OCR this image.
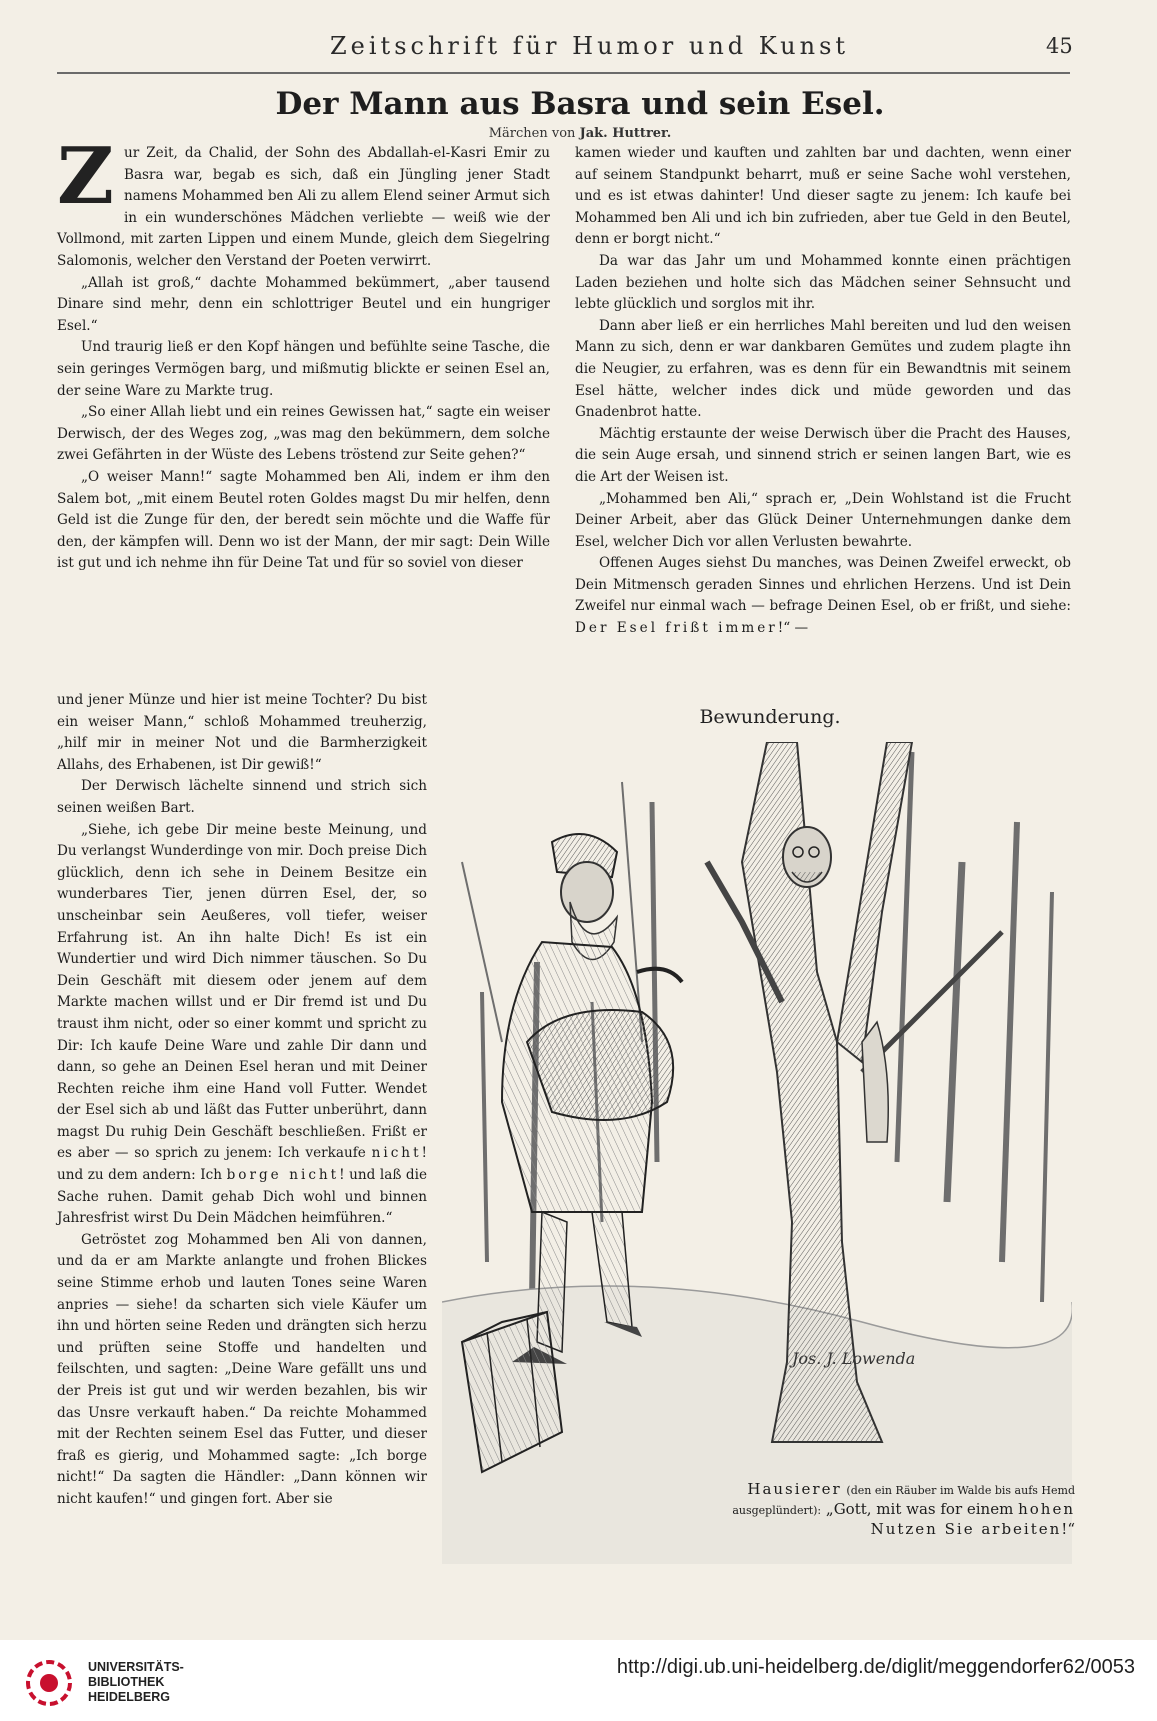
Zeitschrift für Humor und Kunst	45
Der Mann aus Basra und sein Esel.
Märchen von Jak. Huttrer.

Zur Zeit, da Chalid, der Sohn des Abdallah-el-Kasri Emir zu Basra war, begab es sich, daß ein Jüngling jener Stadt namens Mohammed ben Ali zu allem Elend seiner Armut sich in ein wunderschönes Mädchen verliebte — weiß wie der Vollmond, mit zarten Lippen und einem Munde, gleich dem Siegelring Salomonis, welcher den Verstand der Poeten verwirrt.

„Allah ist groß,“ dachte Mohammed bekümmert, „aber tausend Dinare sind mehr, denn ein schlottriger Beutel und ein hungriger Esel.“

Und traurig ließ er den Kopf hängen und befühlte seine Tasche, die sein geringes Vermögen barg, und mißmutig blickte er seinen Esel an, der seine Ware zu Markte trug.

„So einer Allah liebt und ein reines Gewissen hat,“ sagte ein weiser Derwisch, der des Weges zog, „was mag den bekümmern, dem solche zwei Gefährten in der Wüste des Lebens tröstend zur Seite gehen?“

„O weiser Mann!“ sagte Mohammed ben Ali, indem er ihm den Salem bot, „mit einem Beutel roten Goldes magst Du mir helfen, denn Geld ist die Zunge für den, der beredt sein möchte und die Waffe für den, der kämpfen will. Denn wo ist der Mann, der mir sagt: Dein Wille ist gut und ich nehme ihn für Deine Tat und für so soviel von dieser

und jener Münze und hier ist meine Tochter? Du bist ein weiser Mann,“ schloß Mohammed treuherzig, „hilf mir in meiner Not und die Barmherzigkeit Allahs, des Erhabenen, ist Dir gewiß!“

Der Derwisch lächelte sinnend und strich sich seinen weißen Bart.

„Siehe, ich gebe Dir meine beste Meinung, und Du verlangst Wunderdinge von mir. Doch preise Dich glücklich, denn ich sehe in Deinem Besitze ein wunderbares Tier, jenen dürren Esel, der, so unscheinbar sein Aeußeres, voll tiefer, weiser Erfahrung ist. An ihn halte Dich! Es ist ein Wundertier und wird Dich nimmer täuschen. So Du Dein Geschäft mit diesem oder jenem auf dem Markte machen willst und er Dir fremd ist und Du traust ihm nicht, oder so einer kommt und spricht zu Dir: Ich kaufe Deine Ware und zahle Dir dann und dann, so gehe an Deinen Esel heran und mit Deiner Rechten reiche ihm eine Hand voll Futter. Wendet der Esel sich ab und läßt das Futter unberührt, dann magst Du ruhig Dein Geschäft beschließen. Frißt er es aber — so sprich zu jenem: Ich verkaufe nicht! und zu dem andern: Ich borge nicht! und laß die Sache ruhen. Damit gehab Dich wohl und binnen Jahresfrist wirst Du Dein Mädchen heimführen.“

Getröstet zog Mohammed ben Ali von dannen, und da er am Markte anlangte und frohen Blickes seine Stimme erhob und lauten Tones seine Waren anpries — siehe! da scharten sich viele Käufer um ihn und hörten seine Reden und drängten sich herzu und prüften seine Stoffe und handelten und feilschten, und sagten: „Deine Ware gefällt uns und der Preis ist gut und wir werden bezahlen, bis wir das Unsre verkauft haben.“ Da reichte Mohammed mit der Rechten seinem Esel das Futter, und dieser fraß es gierig, und Mohammed sagte: „Ich borge nicht!“ Da sagten die Händler: „Dann können wir nicht kaufen!“ und gingen fort. Aber sie

kamen wieder und kauften und zahlten bar und dachten, wenn einer auf seinem Standpunkt beharrt, muß er seine Sache wohl verstehen, und es ist etwas dahinter! Und dieser sagte zu jenem: Ich kaufe bei Mohammed ben Ali und ich bin zufrieden, aber tue Geld in den Beutel, denn er borgt nicht.“

Da war das Jahr um und Mohammed konnte einen prächtigen Laden beziehen und holte sich das Mädchen seiner Sehnsucht und lebte glücklich und sorglos mit ihr.

Dann aber ließ er ein herrliches Mahl bereiten und lud den weisen Mann zu sich, denn er war dankbaren Gemütes und zudem plagte ihn die Neugier, zu erfahren, was es denn für ein Bewandtnis mit seinem Esel hätte, welcher indes dick und müde geworden und das Gnadenbrot hatte.

Mächtig erstaunte der weise Derwisch über die Pracht des Hauses, die sein Auge ersah, und sinnend strich er seinen langen Bart, wie es die Art der Weisen ist.

„Mohammed ben Ali,“ sprach er, „Dein Wohlstand ist die Frucht Deiner Arbeit, aber das Glück Deiner Unternehmungen danke dem Esel, welcher Dich vor allen Verlusten bewahrte.

Offenen Auges siehst Du manches, was Deinen Zweifel erweckt, ob Dein Mitmensch geraden Sinnes und ehrlichen Herzens. Und ist Dein Zweifel nur einmal wach — befrage Deinen Esel, ob er frißt, und siehe: Der Esel frißt immer!“ —

Bewunderung.
Jos. J. Lowenda
Hausierer (den ein Räuber im Walde bis aufs Hemd ausgeplündert): „Gott, mit was for einem hohen Nutzen Sie arbeiten!“
UNIVERSITÄTS-
BIBLIOTHEK
HEIDELBERG
http://digi.ub.uni-heidelberg.de/diglit/meggendorfer62/0053
